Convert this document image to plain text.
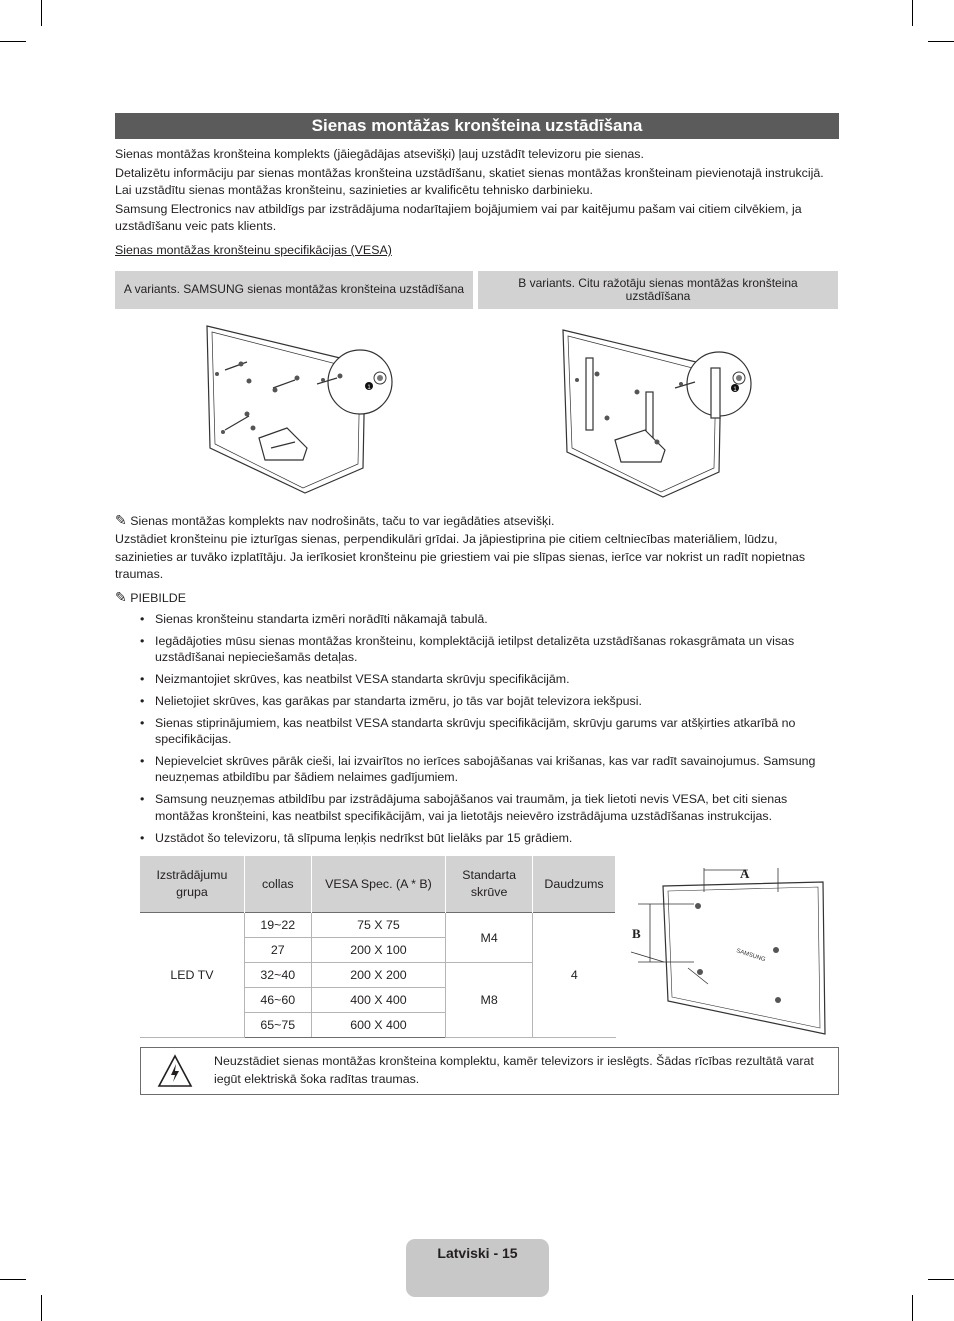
Sienas montāžas kronšteina uzstādīšana

Sienas montāžas kronšteina komplekts (jāiegādājas atsevišķi) ļauj uzstādīt televizoru pie sienas.

Detalizētu informāciju par sienas montāžas kronšteina uzstādīšanu, skatiet sienas montāžas kronšteinam pievienotajā instrukcijā. Lai uzstādītu sienas montāžas kronšteinu, sazinieties ar kvalificētu tehnisko darbinieku.

Samsung Electronics nav atbildīgs par izstrādājuma nodarītajiem bojājumiem vai par kaitējumu pašam vai citiem cilvēkiem, ja uzstādīšanu veic pats klients.

Sienas montāžas kronšteinu specifikācijas (VESA)
A variants. SAMSUNG sienas montāžas kronšteina uzstādīšana	B variants. Citu ražotāju sienas montāžas kronšteina uzstādīšana
1	1
✎ Sienas montāžas komplekts nav nodrošināts, taču to var iegādāties atsevišķi.
Uzstādiet kronšteinu pie izturīgas sienas, perpendikulāri grīdai. Ja jāpiestiprina pie citiem celtniecības materiāliem, lūdzu, sazinieties ar tuvāko izplatītāju. Ja ierīkosiet kronšteinu pie griestiem vai pie slīpas sienas, ierīce var nokrist un radīt nopietnas traumas.
✎ PIEBILDE
• Sienas kronšteinu standarta izmēri norādīti nākamajā tabulā.
• Iegādājoties mūsu sienas montāžas kronšteinu, komplektācijā ietilpst detalizēta uzstādīšanas rokasgrāmata un visas uzstādīšanai nepieciešamās detaļas.
• Neizmantojiet skrūves, kas neatbilst VESA standarta skrūvju specifikācijām.
• Nelietojiet skrūves, kas garākas par standarta izmēru, jo tās var bojāt televizora iekšpusi.
• Sienas stiprinājumiem, kas neatbilst VESA standarta skrūvju specifikācijām, skrūvju garums var atšķirties atkarībā no specifikācijas.
• Nepievelciet skrūves pārāk cieši, lai izvairītos no ierīces sabojāšanas vai krišanas, kas var radīt savainojumus. Samsung neuzņemas atbildību par šādiem nelaimes gadījumiem.
• Samsung neuzņemas atbildību par izstrādājuma sabojāšanos vai traumām, ja tiek lietoti nevis VESA, bet citi sienas montāžas kronšteini, kas neatbilst specifikācijām, vai ja lietotājs neievēro izstrādājuma uzstādīšanas instrukcijas.
• Uzstādot šo televizoru, tā slīpuma leņķis nedrīkst būt lielāks par 15 grādiem.
Izstrādājumu grupa	collas	VESA Spec. (A * B)	Standarta skrūve	Daudzums
LED TV	19~22	75 X 75	M4	4
	27	200 X 100		
	32~40	200 X 200	M8	
	46~60	400 X 400		
	65~75	600 X 400		
SAMSUNG
A
B
Neuzstādiet sienas montāžas kronšteina komplektu, kamēr televizors ir ieslēgts. Šādas rīcības rezultātā varat iegūt elektriskā šoka radītas traumas.
Latviski - 15
